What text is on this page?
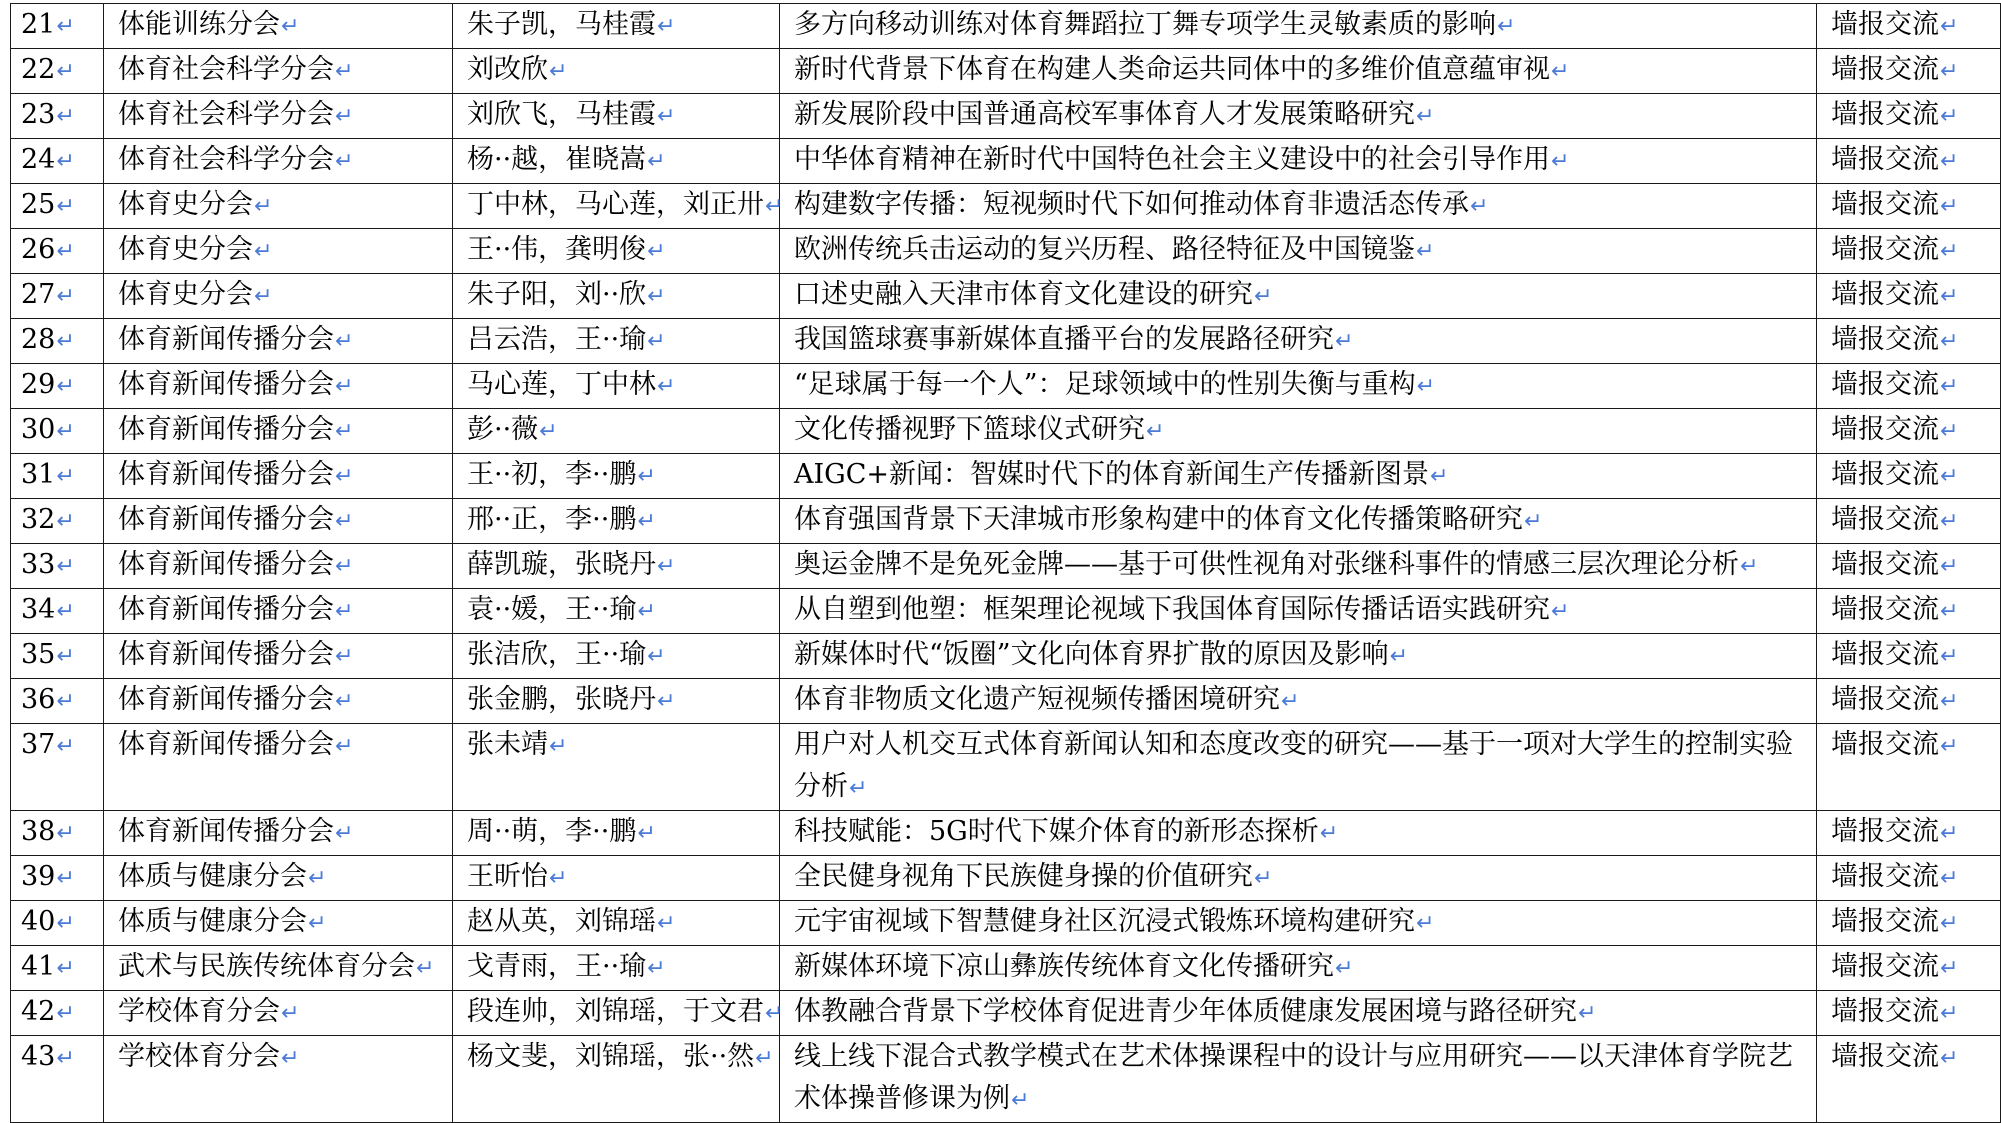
21↵	体能训练分会↵	朱子凯，马桂霞↵	多方向移动训练对体育舞蹈拉丁舞专项学生灵敏素质的影响↵	墙报交流↵
22↵	体育社会科学分会↵	刘改欣↵	新时代背景下体育在构建人类命运共同体中的多维价值意蕴审视↵	墙报交流↵
23↵	体育社会科学分会↵	刘欣飞，马桂霞↵	新发展阶段中国普通高校军事体育人才发展策略研究↵	墙报交流↵
24↵	体育社会科学分会↵	杨··越，崔晓嵩↵	中华体育精神在新时代中国特色社会主义建设中的社会引导作用↵	墙报交流↵
25↵	体育史分会↵	丁中林，马心莲，刘正卅↵	构建数字传播：短视频时代下如何推动体育非遗活态传承↵	墙报交流↵
26↵	体育史分会↵	王··伟，龚明俊↵	欧洲传统兵击运动的复兴历程、路径特征及中国镜鉴↵	墙报交流↵
27↵	体育史分会↵	朱子阳，刘··欣↵	口述史融入天津市体育文化建设的研究↵	墙报交流↵
28↵	体育新闻传播分会↵	吕云浩，王··瑜↵	我国篮球赛事新媒体直播平台的发展路径研究↵	墙报交流↵
29↵	体育新闻传播分会↵	马心莲，丁中林↵	“足球属于每一个人”：足球领域中的性别失衡与重构↵	墙报交流↵
30↵	体育新闻传播分会↵	彭··薇↵	文化传播视野下篮球仪式研究↵	墙报交流↵
31↵	体育新闻传播分会↵	王··初，李··鹏↵	AIGC+新闻：智媒时代下的体育新闻生产传播新图景↵	墙报交流↵
32↵	体育新闻传播分会↵	邢··正，李··鹏↵	体育强国背景下天津城市形象构建中的体育文化传播策略研究↵	墙报交流↵
33↵	体育新闻传播分会↵	薛凯璇，张晓丹↵	奥运金牌不是免死金牌——基于可供性视角对张继科事件的情感三层次理论分析↵	墙报交流↵
34↵	体育新闻传播分会↵	袁··媛，王··瑜↵	从自塑到他塑：框架理论视域下我国体育国际传播话语实践研究↵	墙报交流↵
35↵	体育新闻传播分会↵	张洁欣，王··瑜↵	新媒体时代“饭圈”文化向体育界扩散的原因及影响↵	墙报交流↵
36↵	体育新闻传播分会↵	张金鹏，张晓丹↵	体育非物质文化遗产短视频传播困境研究↵	墙报交流↵
37↵	体育新闻传播分会↵	张未靖↵	用户对人机交互式体育新闻认知和态度改变的研究——基于一项对大学生的控制实验分析↵	墙报交流↵
38↵	体育新闻传播分会↵	周··萌，李··鹏↵	科技赋能：5G时代下媒介体育的新形态探析↵	墙报交流↵
39↵	体质与健康分会↵	王昕怡↵	全民健身视角下民族健身操的价值研究↵	墙报交流↵
40↵	体质与健康分会↵	赵从英，刘锦瑶↵	元宇宙视域下智慧健身社区沉浸式锻炼环境构建研究↵	墙报交流↵
41↵	武术与民族传统体育分会↵	戈青雨，王··瑜↵	新媒体环境下凉山彝族传统体育文化传播研究↵	墙报交流↵
42↵	学校体育分会↵	段连帅，刘锦瑶，于文君↵	体教融合背景下学校体育促进青少年体质健康发展困境与路径研究↵	墙报交流↵
43↵	学校体育分会↵	杨文斐，刘锦瑶，张··然↵	线上线下混合式教学模式在艺术体操课程中的设计与应用研究——以天津体育学院艺术体操普修课为例↵	墙报交流↵
